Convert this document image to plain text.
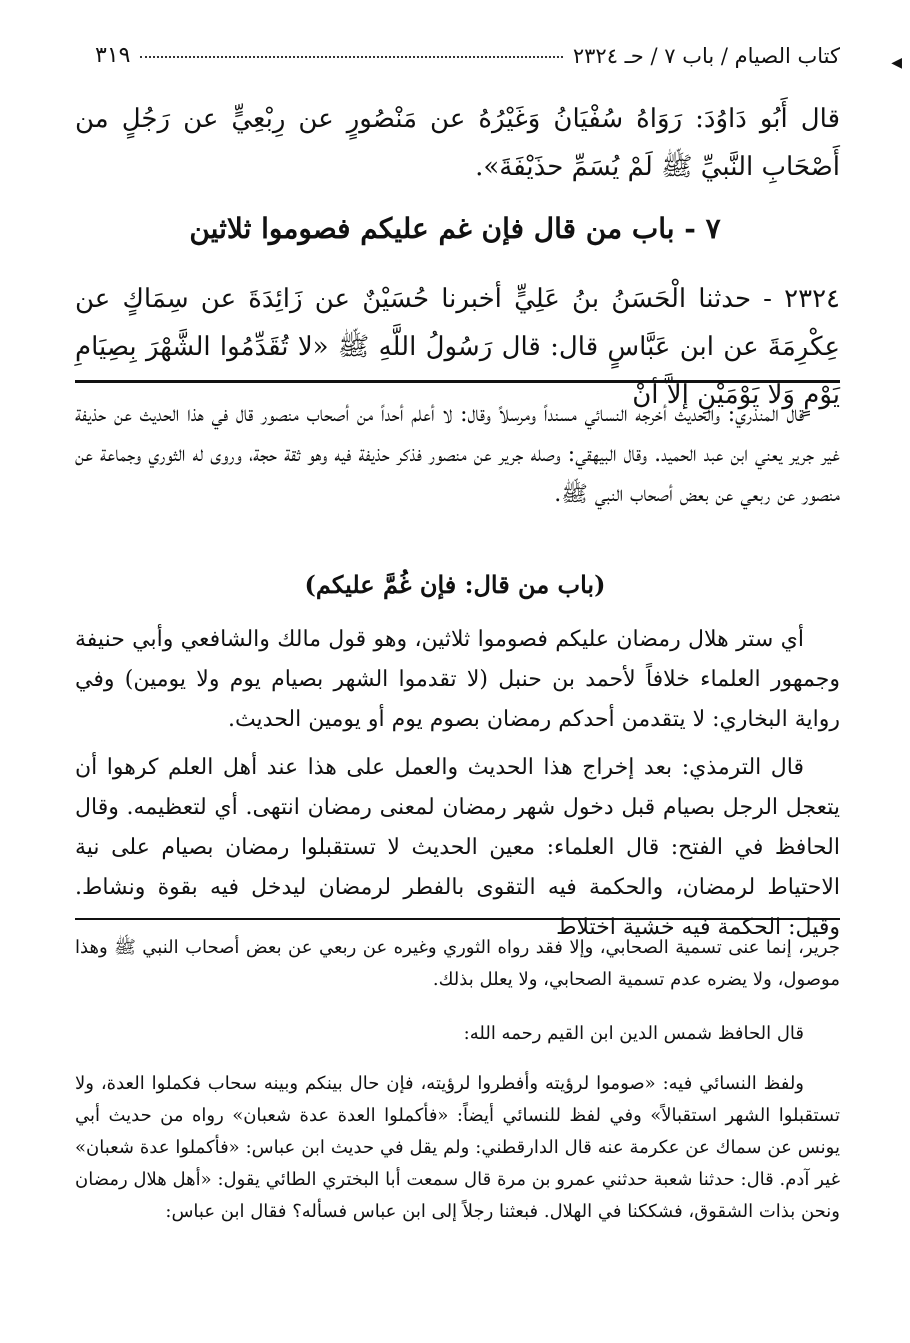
كتاب الصيام / باب ٧ / حـ ٢٣٢٤
٣١٩	◀
قال أَبُو دَاوُدَ: رَوَاهُ سُفْيَانُ وَغَيْرُهُ عن مَنْصُورٍ عن رِبْعِيٍّ عن رَجُلٍ من أَصْحَابِ النَّبيِّ ﷺ لَمْ يُسَمِّ حذَيْفَةَ».
٧ - باب من قال فإن غم عليكم فصوموا ثلاثين
٢٣٢٤ - حدثنا الْحَسَنُ بنُ عَلِيٍّ أخبرنا حُسَيْنٌ عن زَائِدَةَ عن سِمَاكٍ عن عِكْرِمَةَ عن ابن عَبَّاسٍ قال: قال رَسُولُ اللَّهِ ﷺ «لا تُقَدِّمُوا الشَّهْرَ بِصِيَامِ يَوْمٍ وَلا يَوْمَيْنِ إلاَّ أنْ
قال المنذري: والحديث أخرجه النسائي مسنداً ومرسلاً وقال: لا أعلم أحداً من أصحاب منصور قال في هذا الحديث عن حذيفة غير جرير يعني ابن عبد الحميد. وقال البيهقي: وصله جرير عن منصور فذكر حذيفة فيه وهو ثقة حجة، وروى له الثوري وجماعة عن منصور عن ربعي عن بعض أصحاب النبي ﷺ.
(باب من قال: فإن غُمَّ عليكم)
أي ستر هلال رمضان عليكم فصوموا ثلاثين، وهو قول مالك والشافعي وأبي حنيفة وجمهور العلماء خلافاً لأحمد بن حنبل (لا تقدموا الشهر بصيام يوم ولا يومين) وفي رواية البخاري: لا يتقدمن أحدكم رمضان بصوم يوم أو يومين الحديث.
قال الترمذي: بعد إخراج هذا الحديث والعمل على هذا عند أهل العلم كرهوا أن يتعجل الرجل بصيام قبل دخول شهر رمضان لمعنى رمضان انتهى. أي لتعظيمه. وقال الحافظ في الفتح: قال العلماء: معين الحديث لا تستقبلوا رمضان بصيام على نية الاحتياط لرمضان، والحكمة فيه التقوى بالفطر لرمضان ليدخل فيه بقوة ونشاط. وقيل: الحكمة فيه خشية اختلاط
جرير، إنما عنى تسمية الصحابي، وإلا فقد رواه الثوري وغيره عن ربعي عن بعض أصحاب النبي ﷺ وهذا موصول، ولا يضره عدم تسمية الصحابي، ولا يعلل بذلك.
قال الحافظ شمس الدين ابن القيم رحمه الله:
ولفظ النسائي فيه: «صوموا لرؤيته وأفطروا لرؤيته، فإن حال بينكم وبينه سحاب فكملوا العدة، ولا تستقبلوا الشهر استقبالاً» وفي لفظ للنسائي أيضاً: «فأكملوا العدة عدة شعبان» رواه من حديث أبي يونس عن سماك عن عكرمة عنه قال الدارقطني: ولم يقل في حديث ابن عباس: «فأكملوا عدة شعبان» غير آدم. قال: حدثنا شعبة حدثني عمرو بن مرة قال سمعت أبا البختري الطائي يقول: «أهل هلال رمضان ونحن بذات الشقوق، فشككنا في الهلال. فبعثنا رجلاً إلى ابن عباس فسأله؟ فقال ابن عباس:
